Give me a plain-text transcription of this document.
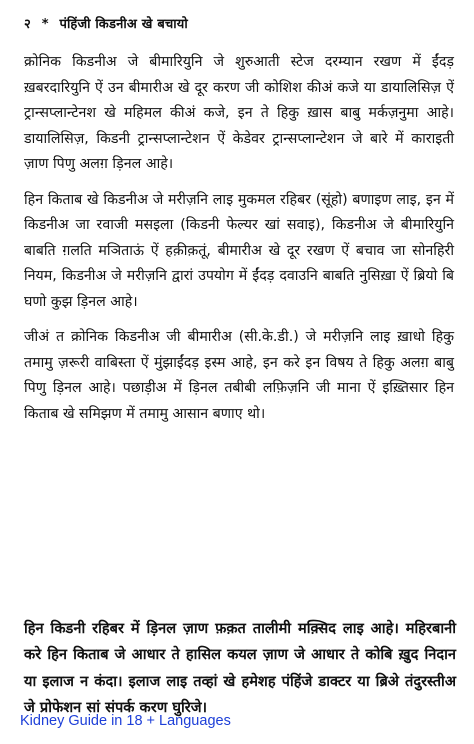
२ * पंहिंजी किडनीअ खे बचायो

क्रोनिक किडनीअ जे बीमारियुनि जे शुरुआती स्टेज दरम्यान रखण में ईंदड़ ख़बरदारियुनि ऐं उन बीमारीअ खे दूर करण जी कोशिश कीअं कजे या डायालिसिज़ ऐं ट्रान्सप्लान्टेनश खे महिमल कीअं कजे, इन ते हिकु ख़ास बाबु मर्कज़नुमा आहे। डायालिसिज़, किडनी ट्रान्सप्लान्टेशन ऐं केडेवर ट्रान्सप्लान्टेशन जे बारे में काराइती ज़ाण पिणु अलग़ ड़िनल आहे।

हिन किताब खे किडनीअ जे मरीज़नि लाइ मुकमल रहिबर (सूंहो) बणाइण लाइ, इन में किडनीअ जा रवाजी मसइला (किडनी फेल्यर खां सवाइ), किडनीअ जे बीमारियुनि बाबति ग़लति मञिताऊं ऐं हक़ीक़तूं, बीमारीअ खे दूर रखण ऐं बचाव जा सोनहिरी नियम, किडनीअ जे मरीज़नि द्वारां उपयोग में ईंदड़ दवाउनि बाबति नुसिख़ा ऐं ब्रियो बि घणो कुझ ड़िनल आहे।

जीअं त क्रोनिक किडनीअ जी बीमारीअ (सी.के.डी.) जे मरीज़नि लाइ ख़ाधो हिकु तमामु ज़रूरी वाबिस्ता ऐं मुंझाईंदड़ इस्म आहे, इन करे इन विषय ते हिकु अलग़ बाबु पिणु ड़िनल आहे। पछाड़ीअ में ड़िनल तबीबी लफ़िज़नि जी माना ऐं इख़्तिसार हिन किताब खे समिझण में तमामु आसान बणाए थो।

हिन किडनी रहिबर में ड़िनल ज़ाण फ़क़त तालीमी मक़्सिद लाइ आहे। महिरबानी करे हिन किताब जे आधार ते हासिल कयल ज़ाण जे आधार ते कोबि ख़ुद निदान या इलाज न कंदा। इलाज लाइ तव्हां खे हमेशह पंहिंजे डाक्टर या ब्रिअे तंदुरस्तीअ जे प्रोफेशन सां संपर्क करण घुरिजे।

Kidney Guide in 18 + Languages
